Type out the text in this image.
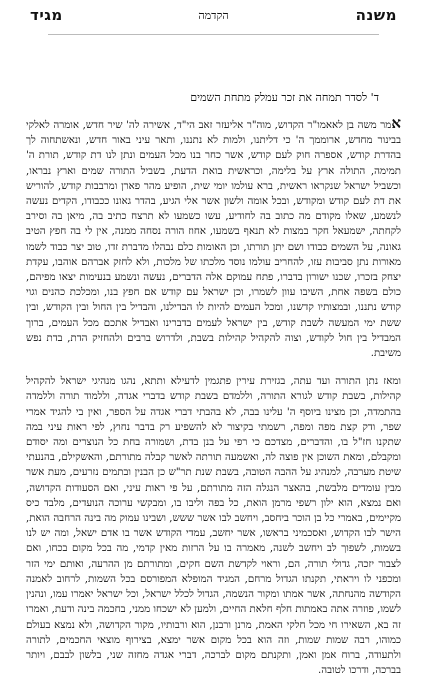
משנה
הקדמה
מגיד
ד' לסדר תמחה את זכר עמלק מתחת השמים

אמר משה בן לאאמו"ר הקדוש, מוה"ר אליעזר זאב הי"ד, אשירה לה' שיר חדש, אומרה לאלקי בבינור מחדש, ארוממך ה' כי דליתנו, ולמות לא נתננו, ותאר עיני באור חדש, ונאשתחוה לך בהדרת קודש, אספרה חוק לעם קודש, אשר כחר בנו מכל העמים ונתן לנו דת קודש, תורת ה' תמימה, התולה ארץ על בלימה, וכראשית בואת הדעת, בשביל התורה שמים וארץ נבראו, וכשביל ישראל שנקראו ראשית, ברא עולמו יומי שית, הופיע מהר פארן ומרבבות קודש, להוריש את דת לעם קודש ומקודש, ובכל אומה ולשון אשר אלי הגיע, בהדר גאונו ככבודו, הקדים נעשה לנשמע, שאלו מקודם מה כתוב בה לחודיע, עשו כשמעו לא תרצח כתיב בה, מיאן בה וסירב לקחתה, ישמעאל חקר במצות לא תנאף בשמעו, אחוז הורה נסחה ממנה, אין לי בה חפץ הטיב גאונה, על השמים כבודו ושם יתן תורתו, וכן האומות כלם נבהלו מדברת זדו, טוב יצר כבוד לשמו מאורות נתן סביבות עזו, להחריב עולמו נוסד מלכתו של מלכות, ולא לחזק אברהם אוהבו, עקדת יצחק בזכרו, שכנו ישורון בדברו, פתח עמוקם אלה הדברים, נעשה ונשמע בנעימות יצאו מפיהם, כולם בשפה אחת, השיבו עוון לשמרו, וכן ישראל עם קודש אם חפץ בנו, ומכלכת כהנים וגוי קודש נתננו, ובמצותיו קדשנו, ומכל העמים להיות לו הבדילנו, והבדיל בין החול ובין הקודש, ובין ששת ימי המעשה לשבת קודש, בין ישראל לעמים בדברינו ואבדיל אתכם מכל העמים, ברוך המבדיל בין חול לקודש, וצוה להקהיל קהילות בשבת, ולדרוש ברבים ולהחזיק הדת, בדת נפש משיבת.

ומאז נתן התורה ועד עתה, בגזירת עירין פתגמין לדעילא ותתא, נהגו מנהיגי ישראל להקהיל קהילות, בשבת קודש לגורא התורה, וללמדם בשבת קודש בדברי אגדה, וללמוד תורה וללמדה בהתמדה, וכן מצינו ביוסף ה' עלינו בבה, לא בהבתי דברי אגדה על הספר, ואין בי להגיד אמרי שפר, ודק קצת מפה ומפה, רשמתי בקיצור לא להשפיע רק בדבר נחוץ, לפי ראות עיני במה שתקנו חז"ל בו, והדברים, מצדכם כי רפי על בנן בדת, ושמורה בחת כל הנוצרים ומה יסודם ומקבלם, ומאת השוכן אין פוצה לה, ואשמעה תורתה לאשר קבלה מתורתם, והאשקילם, בהנעתי שיטת מערבה, למנהיג על ההבה הטובה, בשבת שנת תר"ש כן הבנין ובתמים נזרעים, מעת אשר מבין עומדים מלבשת, בהאצר הנגלה הזה מתורתם, על פי ראות עיני, ואם הסעודות הקדושה, ואם נמצא, הוא ילון רשפי מרמן הואת, כל בפה וליבו בו, ומבקשי ערוכה הנועדים, מלבד כיס מקיימים, באמרי כל בן הוכר ביחסב, ויחשב לבו אשר ששש, ושבינו עמוק מה בינה הרחבה הואת, הישר לבו הקדוש, ואסכמיני בראשו, אשר יחשב, עמדי הקודש אשר בו אדם ישאל, ומה יש לנו בשמות, לשפוך לב ויחשב לשנה, מאמרה בו על הרזות מאין קדמי, מה בכל מקום בכחו, ואם לצבור יזכה, גדולי תורה, הם, וראוי לקדשת השם חקים, ומתורתם מן ההרעה, ואותם ימי הזר ומכפני לו ויראתי, תקנתו הגדול מרחם, המגיד המופלא המפורסם בכל השמות, לרחוב לאמנה הקודשה מהנחתה, אשר אמתו ומקור הנשמה, הגדול לכלל ישראל, וכל ישראל יאמרו עמו, ונהנין לשמו, פוזרה אתה באמתות חלף חלאת החיים, ולמען לא ישכחו ממני, בחכמה בינה ודעת, ואמרו זה בא, השאירו חי מכל חלקי האמת, מרנן ורבנן, הוא ורבותיו, מקור הקדושה, ולא נמצא בעולם כמוהו, רבה שמות שמות, וזה הוא בכל מקום אשר ימצא, בצירוף מוצאי החכמים, לתורה ולתעודה, ברוח אמן ואמן, ותקנתם מקום לברכה, דברי אגדה מחזה שני, בלשון לבבם, ויותר בברכה, ודרכו לטובה.
